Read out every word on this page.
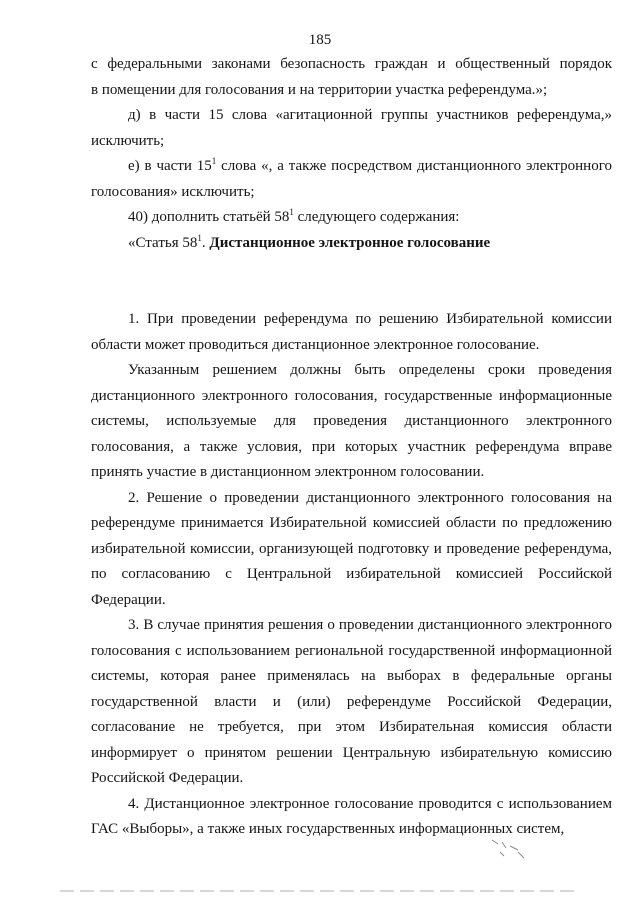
185

с федеральными законами безопасность граждан и общественный порядок

в помещении для голосования и на территории участка референдума.»;

д) в части 15 слова «агитационной группы участников референдума,» исключить;

е) в части $15^1$ слова «, а также посредством дистанционного электронного голосования» исключить;

40) дополнить статьёй $58^1$ следующего содержания:

«Статья $58^1$. Дистанционное электронное голосование

1. При проведении референдума по решению Избирательной комиссии области может проводиться дистанционное электронное голосование.

Указанным решением должны быть определены сроки проведения дистанционного электронного голосования, государственные информационные системы, используемые для проведения дистанционного электронного голосования, а также условия, при которых участник референдума вправе принять участие в дистанционном электронном голосовании.

2. Решение о проведении дистанционного электронного голосования на референдуме принимается Избирательной комиссией области по предложению избирательной комиссии, организующей подготовку и проведение референдума, по согласованию с Центральной избирательной комиссией Российской Федерации.

3. В случае принятия решения о проведении дистанционного электронного голосования с использованием региональной государственной информационной системы, которая ранее применялась на выборах в федеральные органы государственной власти и (или) референдуме Российской Федерации, согласование не требуется, при этом Избирательная комиссия области информирует о принятом решении Центральную избирательную комиссию Российской Федерации.

4. Дистанционное электронное голосование проводится с использованием ГАС «Выборы», а также иных государственных информационных систем,
